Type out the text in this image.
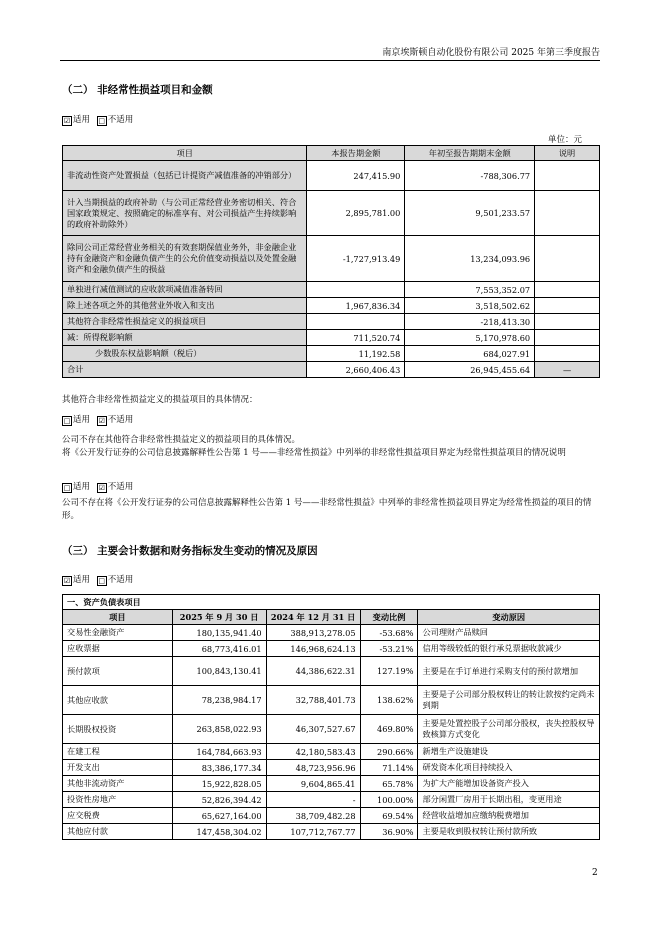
南京埃斯顿自动化股份有限公司 2025 年第三季度报告
（二） 非经常性损益项目和金额
☑ 适用 □ 不适用
单位：元
项目	本报告期金额	年初至报告期期末金额	说明
非流动性资产处置损益（包括已计提资产减值准备的冲销部分）	247,415.90	-788,306.77	
计入当期损益的政府补助（与公司正常经营业务密切相关、符合国家政策规定、按照确定的标准享有、对公司损益产生持续影响的政府补助除外）	2,895,781.00	9,501,233.57	
除同公司正常经营业务相关的有效套期保值业务外，非金融企业持有金融资产和金融负债产生的公允价值变动损益以及处置金融资产和金融负债产生的损益	-1,727,913.49	13,234,093.96	
单独进行减值测试的应收款项减值准备转回		7,553,352.07	
除上述各项之外的其他营业外收入和支出	1,967,836.34	3,518,502.62	
其他符合非经常性损益定义的损益项目		-218,413.30	
减：所得税影响额	711,520.74	5,170,978.60	
少数股东权益影响额（税后）	11,192.58	684,027.91	
合计	2,660,406.43	26,945,455.64	—
其他符合非经常性损益定义的损益项目的具体情况：
□ 适用 ☑ 不适用
公司不存在其他符合非经常性损益定义的损益项目的具体情况。
将《公开发行证券的公司信息披露解释性公告第 1 号——非经常性损益》中列举的非经常性损益项目界定为经常性损益项目的情况说明
□ 适用 ☑ 不适用
公司不存在将《公开发行证券的公司信息披露解释性公告第 1 号——非经常性损益》中列举的非经常性损益项目界定为经常性损益的项目的情形。
（三） 主要会计数据和财务指标发生变动的情况及原因
☑ 适用 □ 不适用
一、资产负债表项目				
项目	2025 年 9 月 30 日	2024 年 12 月 31 日	变动比例	变动原因
交易性金融资产	180,135,941.40	388,913,278.05	-53.68%	公司理财产品赎回
应收票据	68,773,416.01	146,968,624.13	-53.21%	信用等级较低的银行承兑票据收款减少
预付款项	100,843,130.41	44,386,622.31	127.19%	主要是在手订单进行采购支付的预付款增加
其他应收款	78,238,984.17	32,788,401.73	138.62%	主要是子公司部分股权转让的转让款按约定尚未到期
长期股权投资	263,858,022.93	46,307,527.67	469.80%	主要是处置控股子公司部分股权，丧失控股权导致核算方式变化
在建工程	164,784,663.93	42,180,583.43	290.66%	新增生产设施建设
开发支出	83,386,177.34	48,723,956.96	71.14%	研发资本化项目持续投入
其他非流动资产	15,922,828.05	9,604,865.41	65.78%	为扩大产能增加设备资产投入
投资性房地产	52,826,394.42	-	100.00%	部分闲置厂房用于长期出租，变更用途
应交税费	65,627,164.00	38,709,482.28	69.54%	经营收益增加应缴纳税费增加
其他应付款	147,458,304.02	107,712,767.77	36.90%	主要是收到股权转让预付款所致
2
